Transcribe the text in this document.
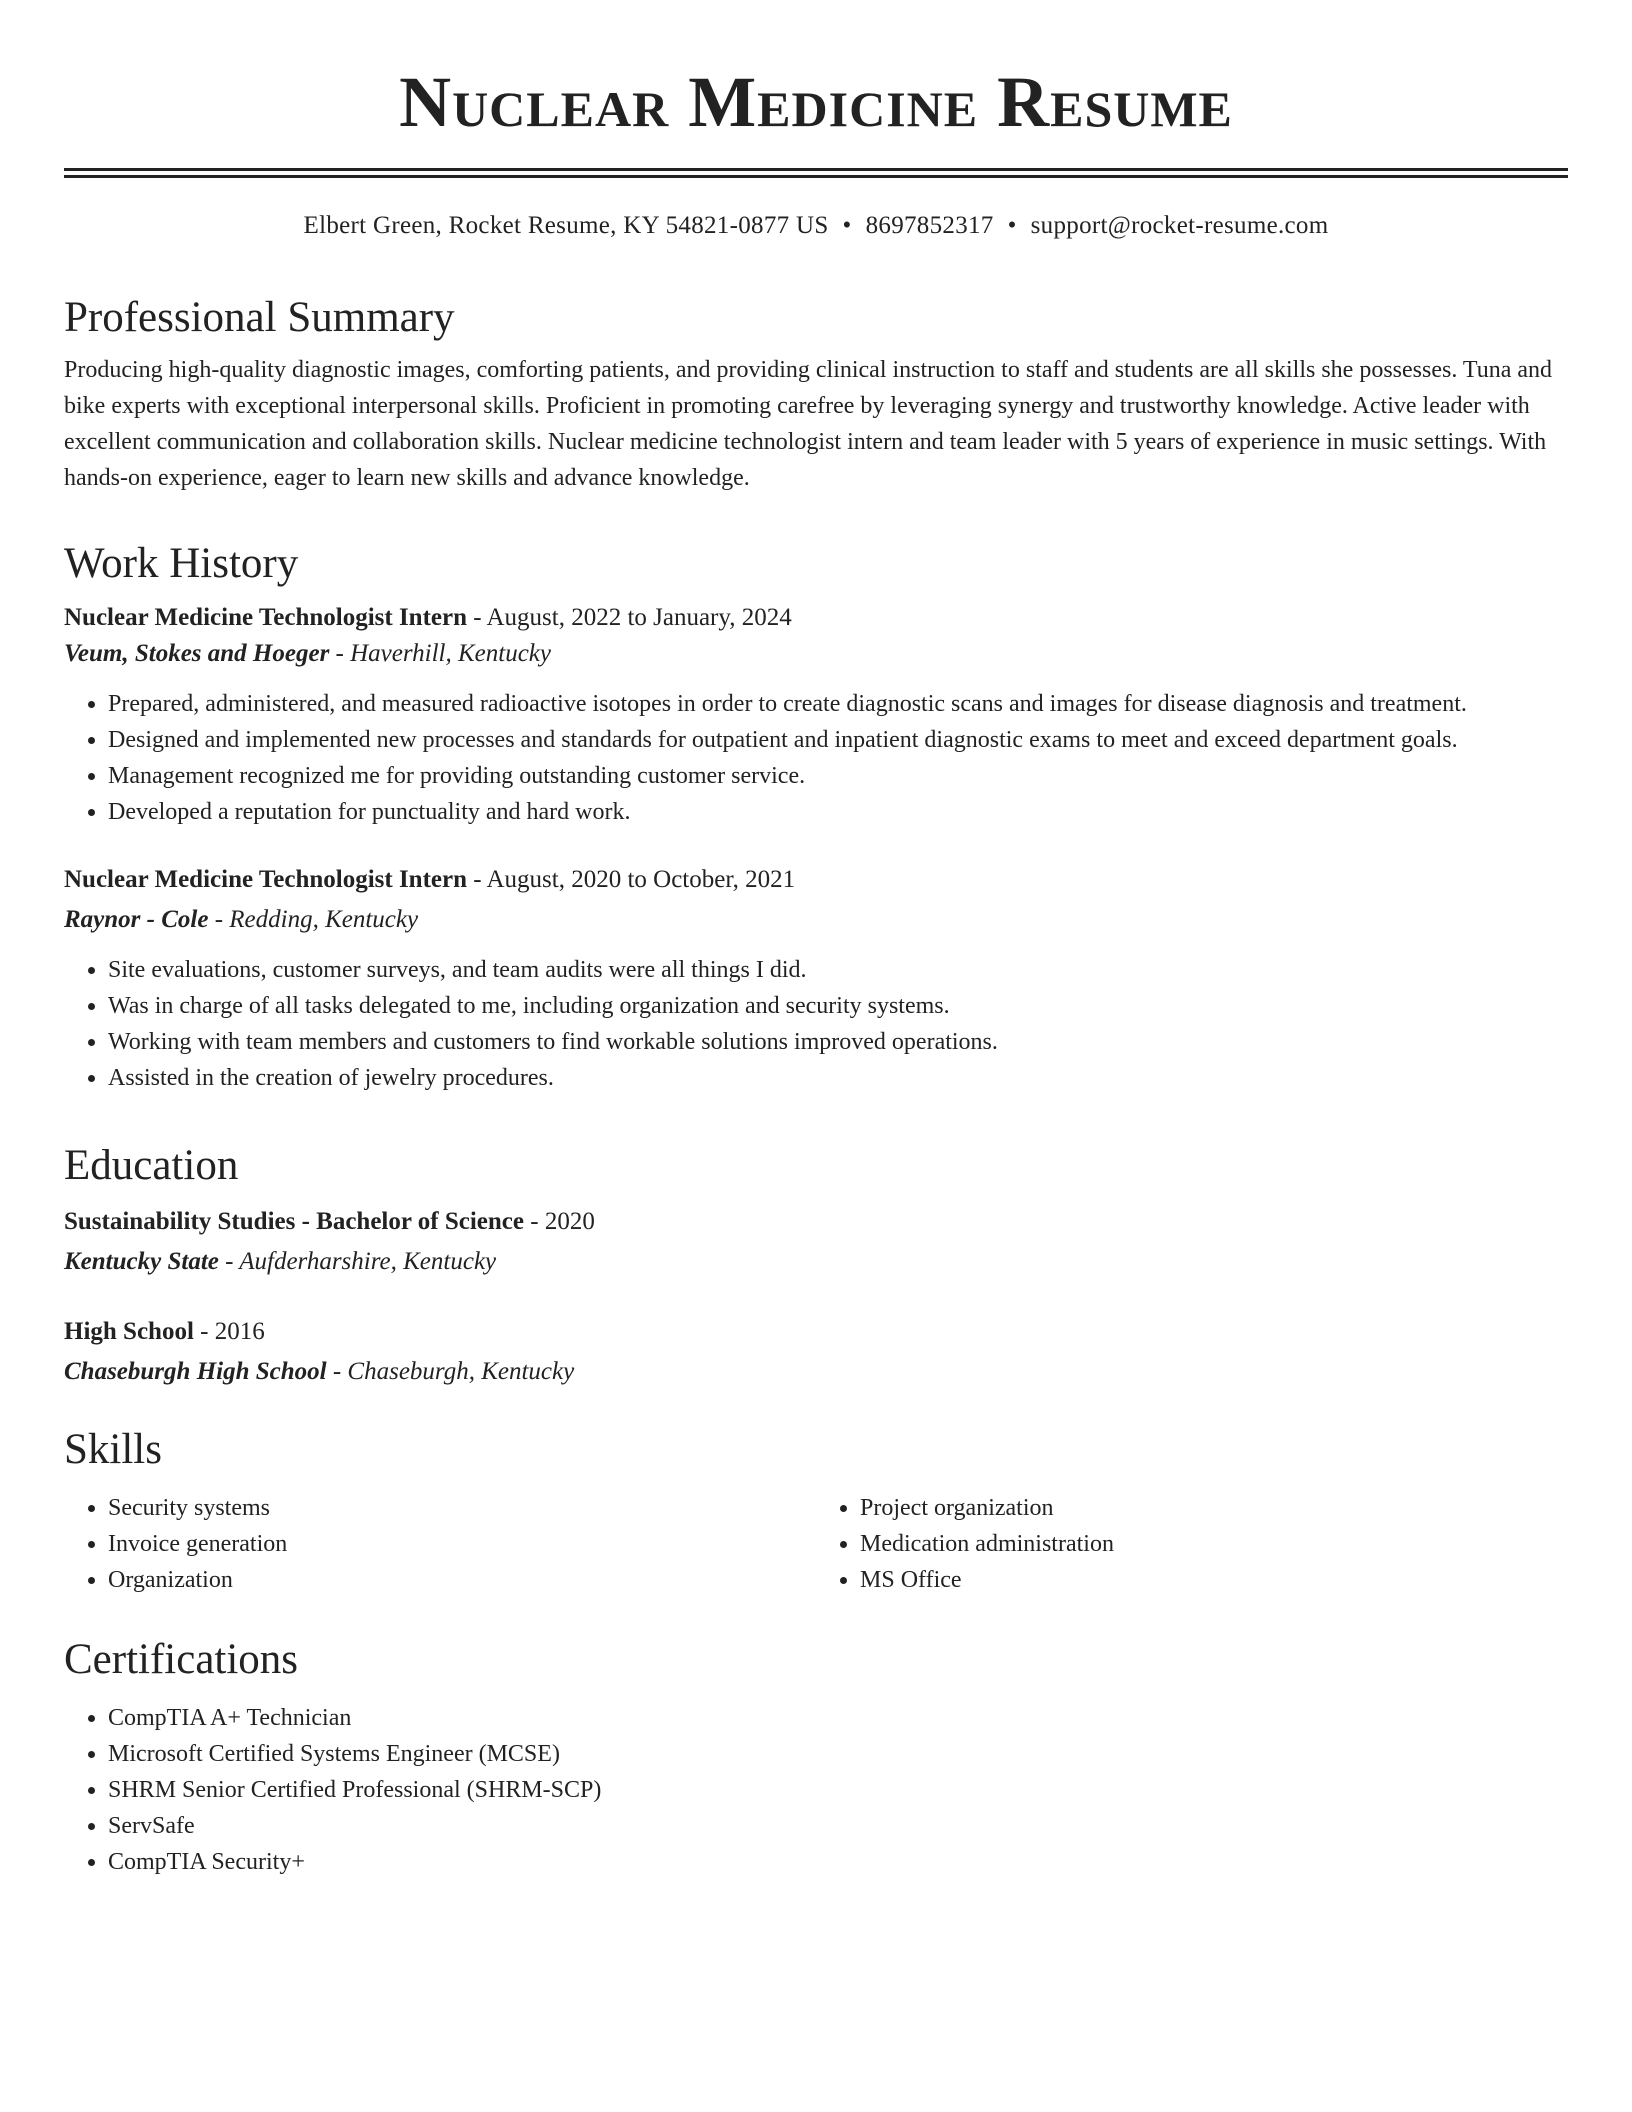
Nuclear Medicine Resume
Elbert Green, Rocket Resume, KY 54821-0877 US • 8697852317 • support@rocket-resume.com
Professional Summary

Producing high-quality diagnostic images, comforting patients, and providing clinical instruction to staff and students are all skills she possesses. Tuna and bike experts with exceptional interpersonal skills. Proficient in promoting carefree by leveraging synergy and trustworthy knowledge. Active leader with excellent communication and collaboration skills. Nuclear medicine technologist intern and team leader with 5 years of experience in music settings. With hands-on experience, eager to learn new skills and advance knowledge.

Work History
Nuclear Medicine Technologist Intern - August, 2022 to January, 2024
Veum, Stokes and Hoeger - Haverhill, Kentucky
• Prepared, administered, and measured radioactive isotopes in order to create diagnostic scans and images for disease diagnosis and treatment.
• Designed and implemented new processes and standards for outpatient and inpatient diagnostic exams to meet and exceed department goals.
• Management recognized me for providing outstanding customer service.
• Developed a reputation for punctuality and hard work.
Nuclear Medicine Technologist Intern - August, 2020 to October, 2021
Raynor - Cole - Redding, Kentucky
• Site evaluations, customer surveys, and team audits were all things I did.
• Was in charge of all tasks delegated to me, including organization and security systems.
• Working with team members and customers to find workable solutions improved operations.
• Assisted in the creation of jewelry procedures.
Education
Sustainability Studies - Bachelor of Science - 2020
Kentucky State - Aufderharshire, Kentucky
High School - 2016
Chaseburgh High School - Chaseburgh, Kentucky
Skills
• Security systems
• Invoice generation
• Organization
• Project organization
• Medication administration
• MS Office
Certifications
• CompTIA A+ Technician
• Microsoft Certified Systems Engineer (MCSE)
• SHRM Senior Certified Professional (SHRM-SCP)
• ServSafe
• CompTIA Security+
